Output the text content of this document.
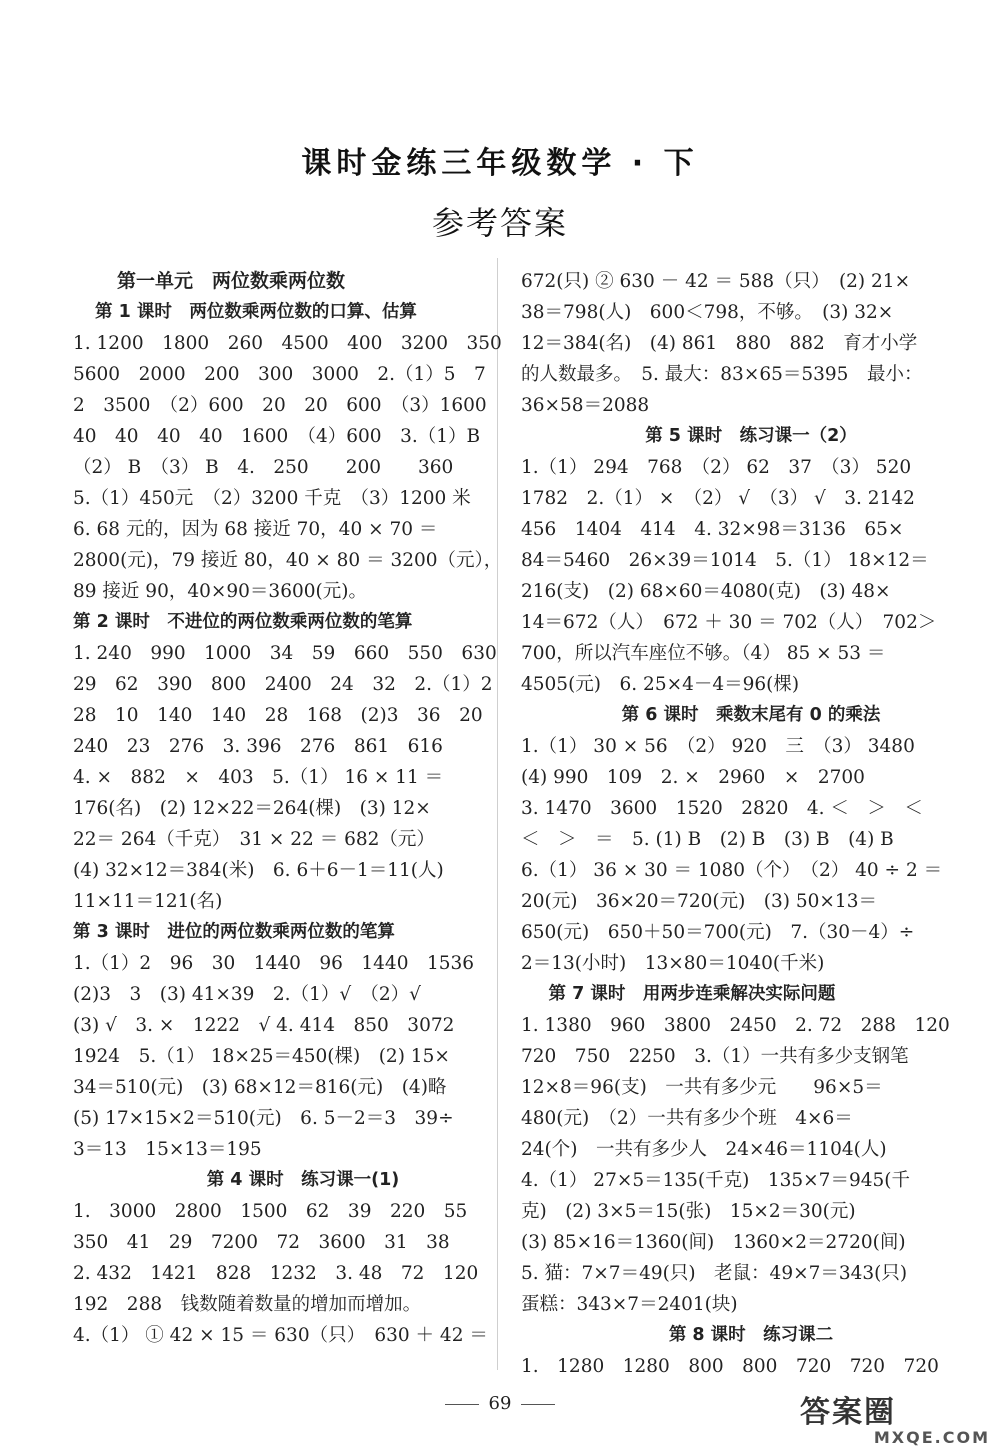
课时金练三年级数学 · 下
参考答案
第一单元　两位数乘两位数
第 1 课时　两位数乘两位数的口算、估算
1. 1200　1800　260　4500　400　3200　350
5600　2000　200　300　3000　2.（1）5　7
2　3500　（2）600　20　20　600　（3）1600
40　40　40　40　1600　（4）600　3.（1）B
（2） B　（3） B　4.　250　　200　　360
5.（1）450元　（2）3200 千克　（3）1200 米
6. 68 元的，因为 68 接近 70，40 × 70 ＝
2800(元)，79 接近 80，40 × 80 ＝ 3200（元），
89 接近 90，40×90＝3600(元)。
第 2 课时　不进位的两位数乘两位数的笔算
1. 240　990　1000　34　59　660　550　630
29　62　390　800　2400　24　32　2.（1）2
28　10　140　140　28　168　(2)3　36　20
240　23　276　3. 396　276　861　616
4. ×　882　×　403　5.（1） 16 × 11 ＝
176(名)　(2) 12×22＝264(棵)　(3) 12×
22＝ 264（千克）　31 × 22 ＝ 682（元）
(4) 32×12＝384(米)　6. 6＋6－1＝11(人)
11×11＝121(名)
第 3 课时　进位的两位数乘两位数的笔算
1.（1）2　96　30　1440　96　1440　1536
(2)3　3　(3) 41×39　2.（1）√　（2）√
(3) √　3. ×　1222　√ 4. 414　850　3072
1924　5.（1） 18×25＝450(棵)　(2) 15×
34＝510(元)　(3) 68×12＝816(元)　(4)略
(5) 17×15×2＝510(元)　6. 5－2＝3　39÷
3＝13　15×13＝195
第 4 课时　练习课一(1)
1.　3000　2800　1500　62　39　220　55
350　41　29　7200　72　3600　31　38
2. 432　1421　828　1232　3. 48　72　120
192　288　钱数随着数量的增加而增加。
4.（1） ① 42 × 15 ＝ 630（只）　630 ＋ 42 ＝
672(只) ② 630 － 42 ＝ 588（只）　(2) 21×
38＝798(人)　600＜798，不够。　(3) 32×
12＝384(名)　(4) 861　880　882　育才小学
的人数最多。　5. 最大：83×65＝5395　最小：
36×58＝2088
第 5 课时　练习课一（2）
1.（1） 294　768　（2） 62　37　（3） 520
1782　2.（1） ×　（2） √　（3） √　3. 2142
456　1404　414　4. 32×98＝3136　65×
84＝5460　26×39＝1014　5.（1） 18×12＝
216(支)　(2) 68×60＝4080(克)　(3) 48×
14＝672（人）　672 ＋ 30 ＝ 702（人）　702＞
700，所以汽车座位不够。（4） 85 × 53 ＝
4505(元)　6. 25×4－4＝96(棵)
第 6 课时　乘数末尾有 0 的乘法
1.（1） 30 × 56　（2） 920　三　（3） 3480
(4) 990　109　2. ×　2960　×　2700
3. 1470　3600　1520　2820　4. ＜　＞　＜
＜　＞　＝　5. (1) B　(2) B　(3) B　(4) B
6.（1） 36 × 30 ＝ 1080（个）　（2） 40 ÷ 2 ＝
20(元)　36×20＝720(元)　(3) 50×13＝
650(元)　650＋50＝700(元)　7.（30－4）÷
2＝13(小时)　13×80＝1040(千米)
　第 7 课时　用两步连乘解决实际问题
1. 1380　960　3800　2450　2. 72　288　120
720　750　2250　3.（1）一共有多少支钢笔
12×8＝96(支)　一共有多少元　　96×5＝
480(元)　（2）一共有多少个班　4×6＝
24(个)　一共有多少人　24×46＝1104(人)
4.（1） 27×5＝135(千克)　135×7＝945(千
克)　(2) 3×5＝15(张)　15×2＝30(元)
(3) 85×16＝1360(间)　1360×2＝2720(间)
5. 猫：7×7＝49(只)　老鼠：49×7＝343(只)
蛋糕：343×7＝2401(块)
第 8 课时　练习课二
1.　1280　1280　800　800　720　720　720
69	答案圈
MXQE.COM
